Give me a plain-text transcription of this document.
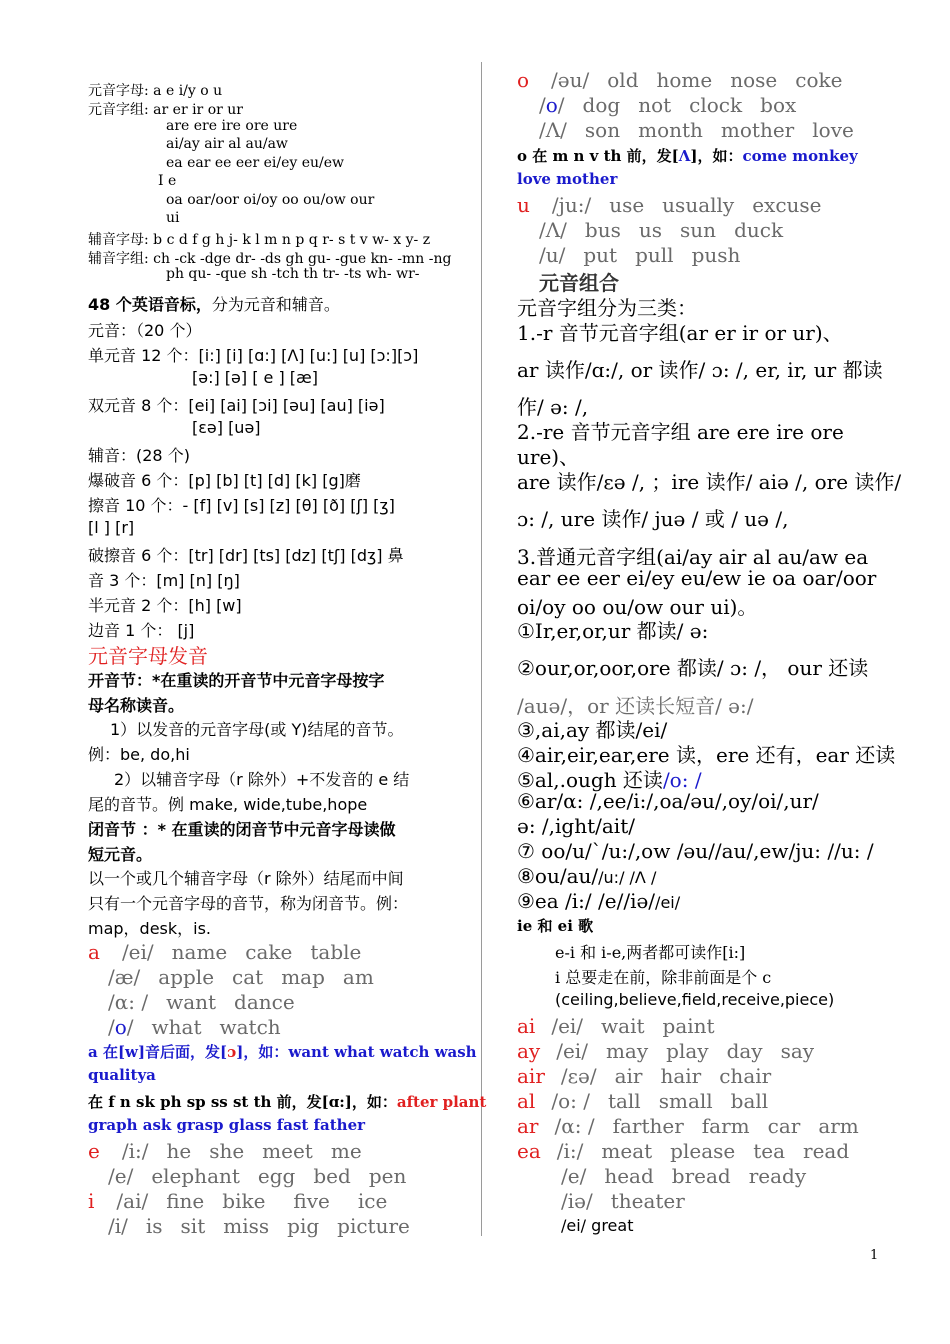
元音字母: a e i/y o u
元音字组: ar er ir or ur
are ere ire ore ure
ai/ay air al au/aw
ea ear ee eer ei/ey eu/ew
I e
oa oar/oor oi/oy oo ou/ow our
ui
辅音字母: b c d f g h j- k l m n p q r- s t v w- x y- z
辅音字组: ch -ck -dge dr- -ds gh gu- -gue kn- -mn -ng
ph qu- -que sh -tch th tr- -ts wh- wr-
48 个英语音标，分为元音和辅音。
元音：（20 个）
单元音 12 个：[i:] [i] [ɑ:] [Λ] [u:] [u] [ɔ:][ɔ]
[ə:] [ə] [ e ] [æ]
双元音 8 个：[ei] [ai] [ɔi] [əu] [au] [iə]
[εə] [uə]
辅音：(28 个)
爆破音 6 个：[p] [b] [t] [d] [k] [g]磨
擦音 10 个：- [f] [v] [s] [z] [θ] [ð] [ʃ] [ʒ]
[l ] [r]
破擦音 6 个：[tr] [dr] [ts] [dz] [tʃ] [dʒ] 鼻
音 3 个：[m] [n] [ŋ]
半元音 2 个：[h] [w]
边音 1 个： [j]
元音字母发音
开音节：*在重读的开音节中元音字母按字
母名称读音。
1）以发音的元音字母(或 Y)结尾的音节。
例：be, do,hi
2）以辅音字母（r 除外）+不发音的 e 结
尾的音节。例 make, wide,tube,hope
闭音节 ：* 在重读的闭音节中元音字母读做
短元音。
以一个或几个辅音字母（r 除外）结尾而中间
只有一个元音字母的音节，称为闭音节。例：
map，desk，is.
a /ei/ name cake table
/æ/ apple cat map am
/α: / want dance
/o/ what watch
a 在[w]音后面，发[ɔ]，如：want what watch wash
qualitya
在 f n sk ph sp ss st th 前，发[ɑ:]，如：after plant
graph ask grasp glass fast father
e /i:/ he she meet me
/e/ elephant egg bed pen
i /ai/ fine bike five ice
/i/ is sit miss pig picture
o /əu/ old home nose coke
/o/ dog not clock box
/Λ/ son month mother love
o 在 m n v th 前，发[Λ]，如：come monkey
love mother
u /ju:/ use usually excuse
/Λ/ bus us sun duck
/u/ put pull push
元音组合
元音字组分为三类：
1.-r 音节元音字组(ar er ir or ur)、
ar 读作/ɑ:/, or 读作/ ɔ: /, er, ir, ur 都读
作/ ə: /,
2.-re 音节元音字组 are ere ire ore
ure)、
are 读作/εə /, ；ire 读作/ aiə /, ore 读作/
ɔ: /, ure 读作/ juə / 或 / uə /,
3.普通元音字组(ai/ay air al au/aw ea
ear ee eer ei/ey eu/ew ie oa oar/oor
oi/oy oo ou/ow our ui)。
①Ir,er,or,ur 都读/ ə:
②our,or,oor,ore 都读/ ɔ: /， our 还读
/auə/，or 还读长短音/ ə:/
③,ai,ay 都读/ei/
④air,eir,ear,ere 读，ere 还有，ear 还读
⑤al,.ough 还读/o: /
⑥ar/α: /,ee/i:/,oa/əu/,oy/oi/,ur/
ə: /,ight/ait/
⑦ oo/u/`/u:/,ow /əu//au/,ew/ju: //u: /
⑧ou/au//u:/ /Λ /
⑨ea /i:/ /e//iə//ei/
ie 和 ei 歌
e-i 和 i-e,两者都可读作[i:]
i 总要走在前，除非前面是个 c
(ceiling,believe,field,receive,piece)
ai /ei/ wait paint
ay /ei/ may play day say
air /εə/ air hair chair
al /o: / tall small ball
ar /α: / farther farm car arm
ea /i:/ meat please tea read
/e/ head bread ready
/iə/ theater
/ei/ great
1
